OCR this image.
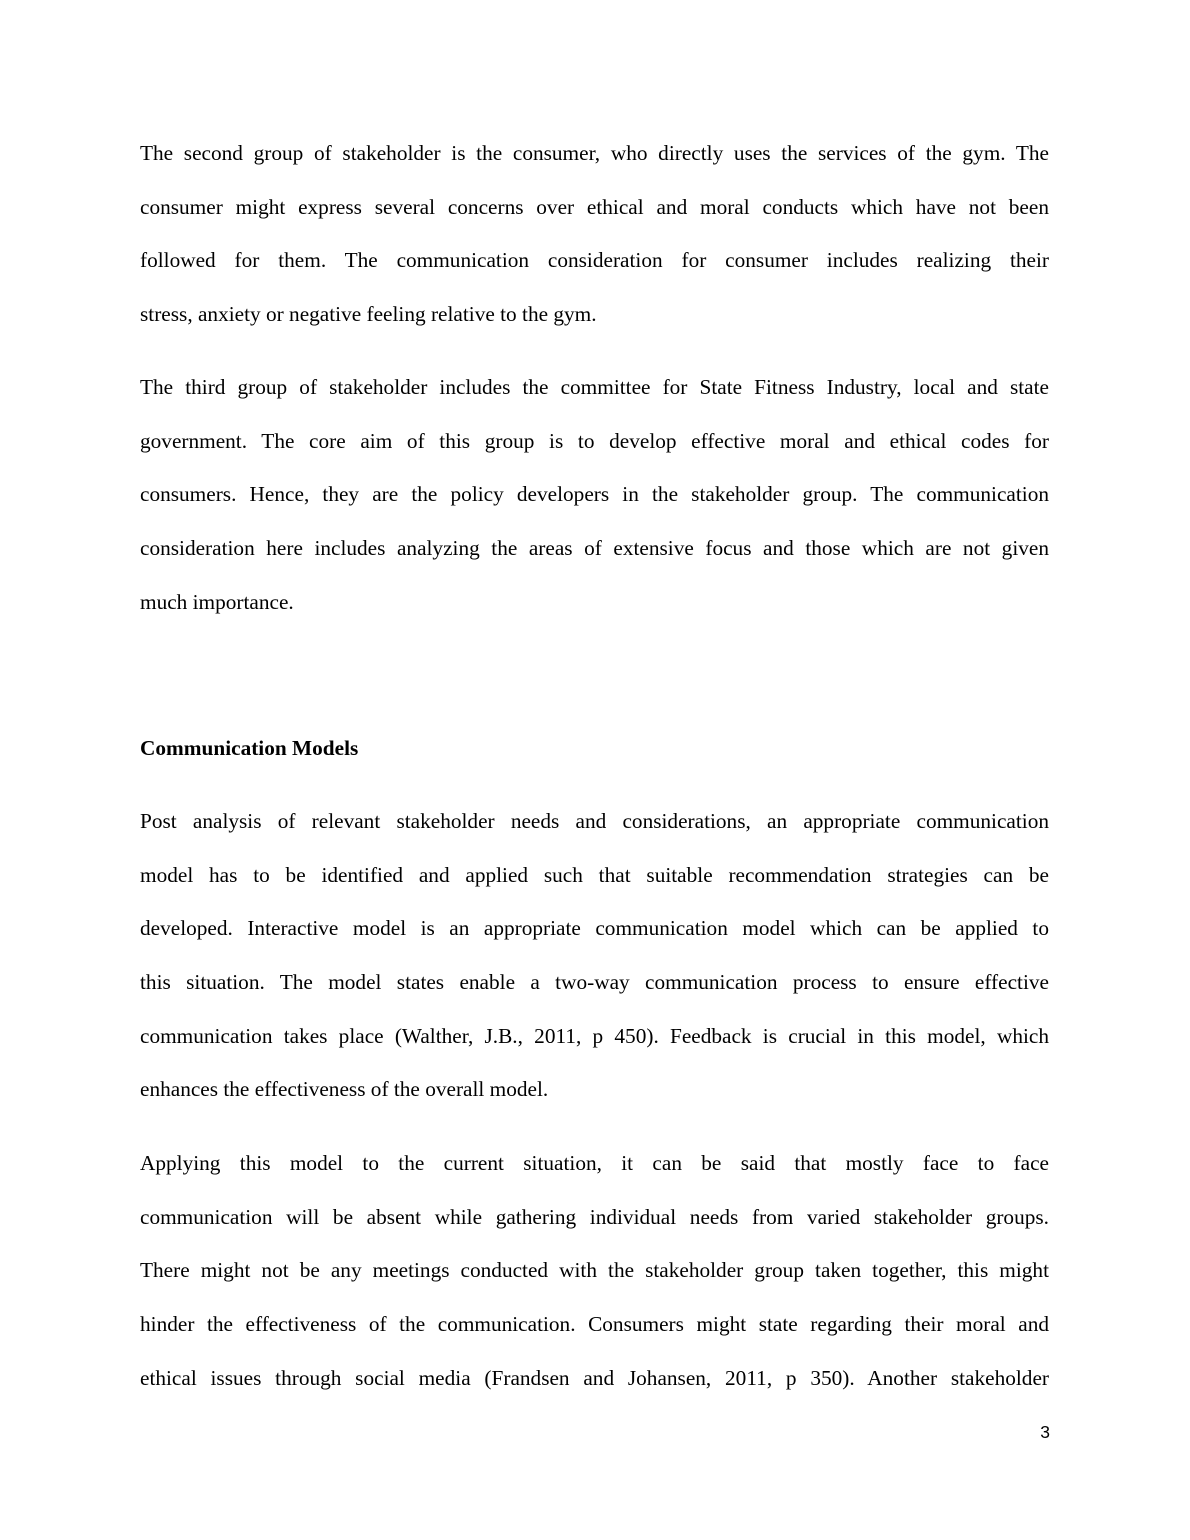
The second group of stakeholder is the consumer, who directly uses the services of the gym. The
consumer might express several concerns over ethical and moral conducts which have not been
followed for them. The communication consideration for consumer includes realizing their
stress, anxiety or negative feeling relative to the gym.
The third group of stakeholder includes the committee for State Fitness Industry, local and state
government. The core aim of this group is to develop effective moral and ethical codes for
consumers. Hence, they are the policy developers in the stakeholder group. The communication
consideration here includes analyzing the areas of extensive focus and those which are not given
much importance.
Communication Models
Post analysis of relevant stakeholder needs and considerations, an appropriate communication
model has to be identified and applied such that suitable recommendation strategies can be
developed. Interactive model is an appropriate communication model which can be applied to
this situation. The model states enable a two-way communication process to ensure effective
communication takes place (Walther, J.B., 2011, p 450). Feedback is crucial in this model, which
enhances the effectiveness of the overall model.
Applying this model to the current situation, it can be said that mostly face to face
communication will be absent while gathering individual needs from varied stakeholder groups.
There might not be any meetings conducted with the stakeholder group taken together, this might
hinder the effectiveness of the communication. Consumers might state regarding their moral and
ethical issues through social media (Frandsen and Johansen, 2011, p 350). Another stakeholder
3
